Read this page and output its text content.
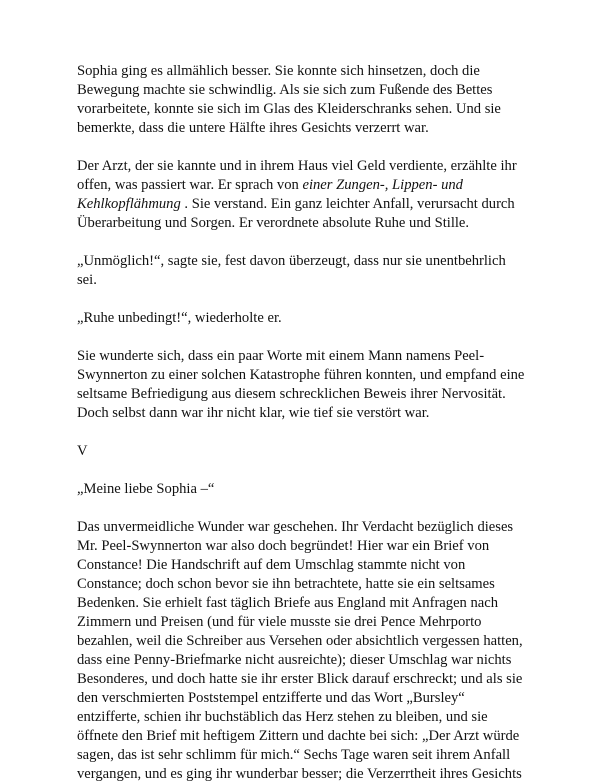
Sophia ging es allmählich besser. Sie konnte sich hinsetzen, doch die Bewegung machte sie schwindlig. Als sie sich zum Fußende des Bettes vorarbeitete, konnte sie sich im Glas des Kleiderschranks sehen. Und sie bemerkte, dass die untere Hälfte ihres Gesichts verzerrt war.

Der Arzt, der sie kannte und in ihrem Haus viel Geld verdiente, erzählte ihr offen, was passiert war. Er sprach von einer Zungen-, Lippen- und Kehlkopflähmung . Sie verstand. Ein ganz leichter Anfall, verursacht durch Überarbeitung und Sorgen. Er verordnete absolute Ruhe und Stille.

„Unmöglich!“, sagte sie, fest davon überzeugt, dass nur sie unentbehrlich sei.

„Ruhe unbedingt!“, wiederholte er.

Sie wunderte sich, dass ein paar Worte mit einem Mann namens Peel-Swynnerton zu einer solchen Katastrophe führen konnten, und empfand eine seltsame Befriedigung aus diesem schrecklichen Beweis ihrer Nervosität. Doch selbst dann war ihr nicht klar, wie tief sie verstört war.

V

„Meine liebe Sophia –“

Das unvermeidliche Wunder war geschehen. Ihr Verdacht bezüglich dieses Mr. Peel-Swynnerton war also doch begründet! Hier war ein Brief von Constance! Die Handschrift auf dem Umschlag stammte nicht von Constance; doch schon bevor sie ihn betrachtete, hatte sie ein seltsames Bedenken. Sie erhielt fast täglich Briefe aus England mit Anfragen nach Zimmern und Preisen (und für viele musste sie drei Pence Mehrporto bezahlen, weil die Schreiber aus Versehen oder absichtlich vergessen hatten, dass eine Penny-Briefmarke nicht ausreichte); dieser Umschlag war nichts Besonderes, und doch hatte sie ihr erster Blick darauf erschreckt; und als sie den verschmierten Poststempel entzifferte und das Wort „Bursley“ entzifferte, schien ihr buchstäblich das Herz stehen zu bleiben, und sie öffnete den Brief mit heftigem Zittern und dachte bei sich: „Der Arzt würde sagen, das ist sehr schlimm für mich.“ Sechs Tage waren seit ihrem Anfall vergangen, und es ging ihr wunderbar besser; die Verzerrtheit ihres Gesichts
